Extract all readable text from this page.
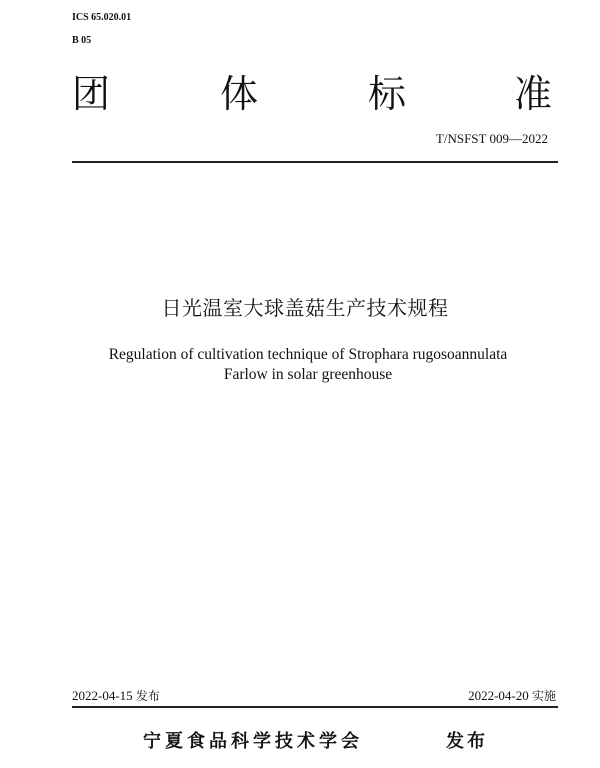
ICS 65.020.01
B 05
团	体	标	准
T/NSFST 009—2022
日光温室大球盖菇生产技术规程
Regulation of cultivation technique of Strophara rugosoannulata
Farlow in solar greenhouse
2022-04-15 发布	2022-04-20 实施
宁夏食品科学技术学会	发布
